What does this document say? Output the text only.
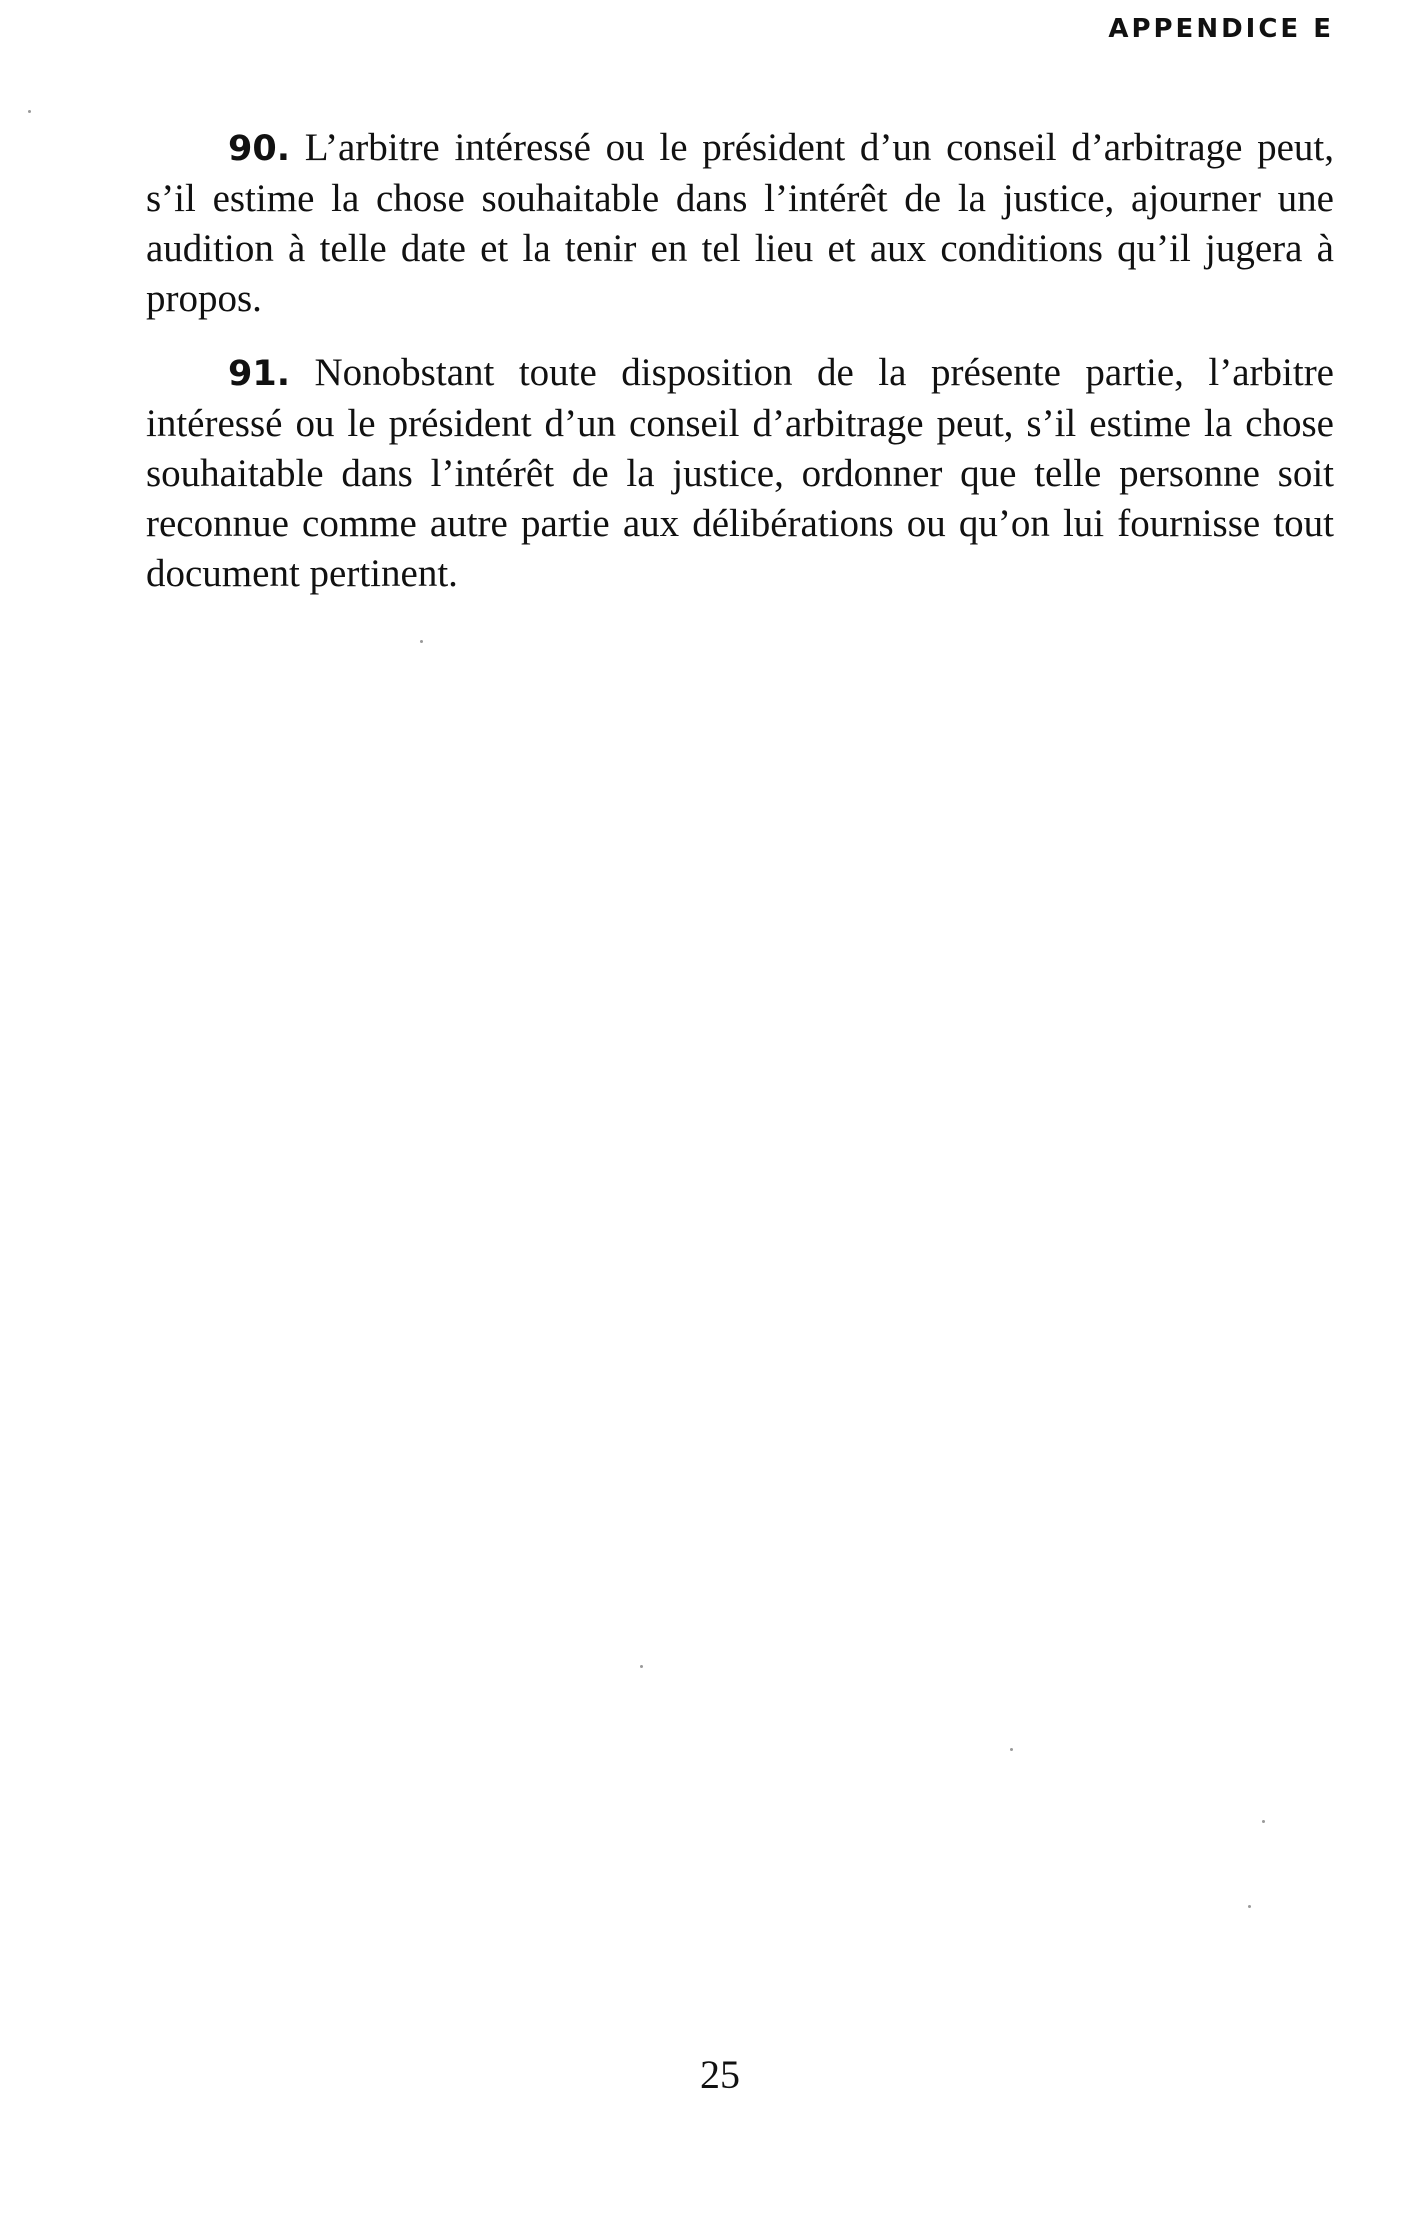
APPENDICE E

90. L’arbitre intéressé ou le président d’un conseil d’arbitrage peut, s’il estime la chose souhaitable dans l’intérêt de la justice, ajourner une audition à telle date et la tenir en tel lieu et aux conditions qu’il jugera à propos.

91. Nonobstant toute disposition de la présente partie, l’arbitre intéressé ou le président d’un conseil d’arbitrage peut, s’il estime la chose souhaitable dans l’intérêt de la justice, ordonner que telle personne soit reconnue comme autre partie aux délibérations ou qu’on lui fournisse tout document pertinent.

25
